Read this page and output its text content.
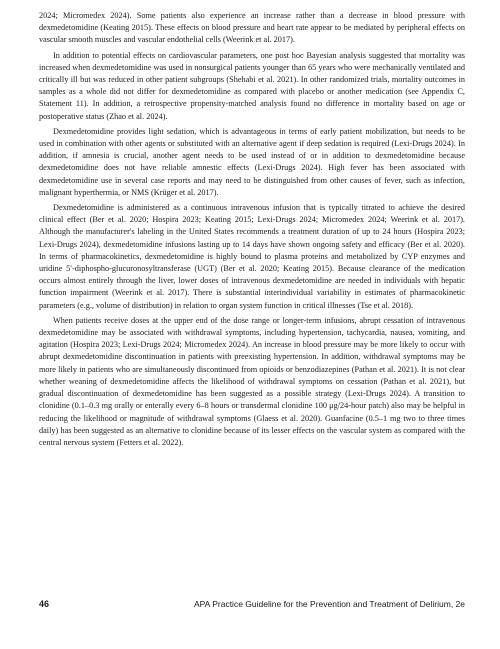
2024; Micromedex 2024). Some patients also experience an increase rather than a decrease in blood pressure with dexmedetomidine (Keating 2015). These effects on blood pressure and heart rate appear to be mediated by peripheral effects on vascular smooth muscles and vascular endothelial cells (Weerink et al. 2017).

In addition to potential effects on cardiovascular parameters, one post hoc Bayesian analysis suggested that mortality was increased when dexmedetomidine was used in nonsurgical patients younger than 65 years who were mechanically ventilated and critically ill but was reduced in other patient subgroups (Shehabi et al. 2021). In other randomized trials, mortality outcomes in samples as a whole did not differ for dexmedetomidine as compared with placebo or another medication (see Appendix C, Statement 11). In addition, a retrospective propensity-matched analysis found no difference in mortality based on age or postoperative status (Zhao et al. 2024).

Dexmedetomidine provides light sedation, which is advantageous in terms of early patient mobilization, but needs to be used in combination with other agents or substituted with an alternative agent if deep sedation is required (Lexi-Drugs 2024). In addition, if amnesia is crucial, another agent needs to be used instead of or in addition to dexmedetomidine because dexmedetomidine does not have reliable amnestic effects (Lexi-Drugs 2024). High fever has been associated with dexmedetomidine use in several case reports and may need to be distinguished from other causes of fever, such as infection, malignant hyperthermia, or NMS (Krüger et al. 2017).

Dexmedetomidine is administered as a continuous intravenous infusion that is typically titrated to achieve the desired clinical effect (Ber et al. 2020; Hospira 2023; Keating 2015; Lexi-Drugs 2024; Micromedex 2024; Weerink et al. 2017). Although the manufacturer's labeling in the United States recommends a treatment duration of up to 24 hours (Hospira 2023; Lexi-Drugs 2024), dexmedetomidine infusions lasting up to 14 days have shown ongoing safety and efficacy (Ber et al. 2020). In terms of pharmacokinetics, dexmedetomidine is highly bound to plasma proteins and metabolized by CYP enzymes and uridine 5′-diphospho-glucuronosyltransferase (UGT) (Ber et al. 2020; Keating 2015). Because clearance of the medication occurs almost entirely through the liver, lower doses of intravenous dexmedetomidine are needed in individuals with hepatic function impairment (Weerink et al. 2017). There is substantial interindividual variability in estimates of pharmacokinetic parameters (e.g., volume of distribution) in relation to organ system function in critical illnesses (Tse et al. 2018).

When patients receive doses at the upper end of the dose range or longer-term infusions, abrupt cessation of intravenous dexmedetomidine may be associated with withdrawal symptoms, including hypertension, tachycardia, nausea, vomiting, and agitation (Hospira 2023; Lexi-Drugs 2024; Micromedex 2024). An increase in blood pressure may be more likely to occur with abrupt dexmedetomidine discontinuation in patients with preexisting hypertension. In addition, withdrawal symptoms may be more likely in patients who are simultaneously discontinued from opioids or benzodiazepines (Pathan et al. 2021). It is not clear whether weaning of dexmedetomidine affects the likelihood of withdrawal symptoms on cessation (Pathan et al. 2021), but gradual discontinuation of dexmedetomidine has been suggested as a possible strategy (Lexi-Drugs 2024). A transition to clonidine (0.1–0.3 mg orally or enterally every 6–8 hours or transdermal clonidine 100 μg/24-hour patch) also may be helpful in reducing the likelihood or magnitude of withdrawal symptoms (Glaess et al. 2020). Guanfacine (0.5–1 mg two to three times daily) has been suggested as an alternative to clonidine because of its lesser effects on the vascular system as compared with the central nervous system (Fetters et al. 2022).

46	APA Practice Guideline for the Prevention and Treatment of Delirium, 2e
